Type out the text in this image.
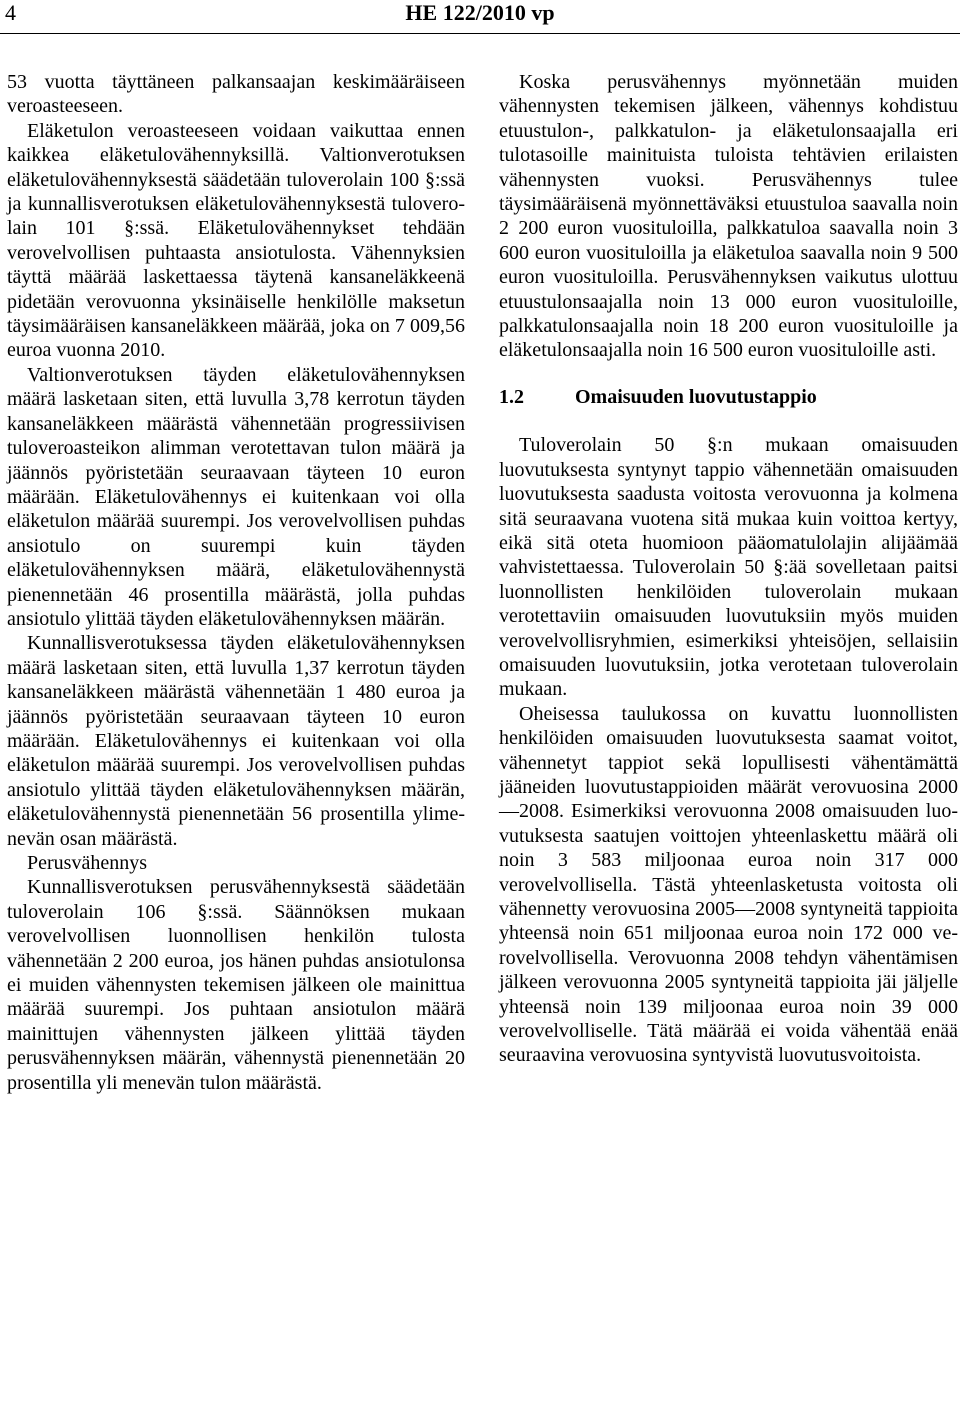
4	HE 122/2010 vp

53 vuotta täyttäneen palkansaajan keskimääräiseen veroasteeseen.

Eläketulon veroasteeseen voidaan vaikuttaa ennen kaikkea eläketulovähennyksillä. Valtionverotuksen eläketulovähennyksestä säädetään tuloverolain 100 §:ssä ja kunnallisverotuksen eläketulovähennyksestä tuloverolain 101 §:ssä. Eläketulovähennykset tehdään verovelvollisen puhtaasta ansiotulosta. Vähennyksien täyttä määrää laskettaessa täytenä kansaneläkkeenä pidetään verovuonna yksinäiselle henkilölle maksetun täysimääräisen kansaneläkkeen määrää, joka on 7 009,56 euroa vuonna 2010.

Valtionverotuksen täyden eläketulovähennyksen määrä lasketaan siten, että luvulla 3,78 kerrotun täyden kansaneläkkeen määrästä vähennetään progressiivisen tuloveroasteikon alimman verotettavan tulon määrä ja jäännös pyöristetään seuraavaan täyteen 10 euron määrään. Eläketulovähennys ei kuitenkaan voi olla eläketulon määrää suurempi. Jos verovelvollisen puhdas ansiotulo on suurempi kuin täyden eläketulovähennyksen määrä, eläketulovähennystä pienennetään 46 prosentilla määrästä, jolla puhdas ansiotulo ylittää täyden eläketulovähennyksen määrän.

Kunnallisverotuksessa täyden eläketulovähennyksen määrä lasketaan siten, että luvulla 1,37 kerrotun täyden kansaneläkkeen määrästä vähennetään 1 480 euroa ja jäännös pyöristetään seuraavaan täyteen 10 euron määrään. Eläketulovähennys ei kuitenkaan voi olla eläketulon määrää suurempi. Jos verovelvollisen puhdas ansiotulo ylittää täyden eläketulovähennyksen määrän, eläketulovähennystä pienennetään 56 prosentilla ylimenevän osan määrästä.

Perusvähennys

Kunnallisverotuksen perusvähennyksestä säädetään tuloverolain 106 §:ssä. Säännöksen mukaan verovelvollisen luonnollisen henkilön tulosta vähennetään 2 200 euroa, jos hänen puhdas ansiotulonsa ei muiden vähennysten tekemisen jälkeen ole mainittua määrää suurempi. Jos puhtaan ansiotulon määrä mainittujen vähennysten jälkeen ylittää täyden perusvähennyksen määrän, vähennystä pienennetään 20 prosentilla yli menevän tulon määrästä.

Koska perusvähennys myönnetään muiden vähennysten tekemisen jälkeen, vähennys kohdistuu etuustulon-, palkkatulon- ja eläketulonsaajalla eri tulotasoille mainituista tuloista tehtävien erilaisten vähennysten vuoksi. Perusvähennys tulee täysimääräisenä myönnettäväksi etuustuloa saavalla noin 2 200 euron vuosituloilla, palkkatuloa saavalla noin 3 600 euron vuosituloilla ja eläketuloa saavalla noin 9 500 euron vuosituloilla. Perusvähennyksen vaikutus ulottuu etuustulonsaajalla noin 13 000 euron vuosituloille, palkkatulonsaajalla noin 18 200 euron vuosituloille ja eläketulonsaajalla noin 16 500 euron vuosituloille asti.

1.2	Omaisuuden luovutustappio

Tuloverolain 50 §:n mukaan omaisuuden luovutuksesta syntynyt tappio vähennetään omaisuuden luovutuksesta saadusta voitosta verovuonna ja kolmena sitä seuraavana vuotena sitä mukaa kuin voittoa kertyy, eikä sitä oteta huomioon pääomatulolajin alijäämää vahvistettaessa. Tuloverolain 50 §:ää sovelletaan paitsi luonnollisten henkilöiden tuloverolain mukaan verotettaviin omaisuuden luovutuksiin myös muiden verovelvollisryhmien, esimerkiksi yhteisöjen, sellaisiin omaisuuden luovutuksiin, jotka verotetaan tuloverolain mukaan.

Oheisessa taulukossa on kuvattu luonnollisten henkilöiden omaisuuden luovutuksesta saamat voitot, vähennetyt tappiot sekä lopullisesti vähentämättä jääneiden luovutustappioiden määrät verovuosina 2000—2008. Esimerkiksi verovuonna 2008 omaisuuden luovutuksesta saatujen voittojen yhteenlaskettu määrä oli noin 3 583 miljoonaa euroa noin 317 000 verovelvollisella. Tästä yhteenlasketusta voitosta oli vähennetty verovuosina 2005—2008 syntyneitä tappioita yhteensä noin 651 miljoonaa euroa noin 172 000 verovelvollisella. Verovuonna 2008 tehdyn vähentämisen jälkeen verovuonna 2005 syntyneitä tappioita jäi jäljelle yhteensä noin 139 miljoonaa euroa noin 39 000 verovelvolliselle. Tätä määrää ei voida vähentää enää seuraavina verovuosina syntyvistä luovutusvoitoista.
